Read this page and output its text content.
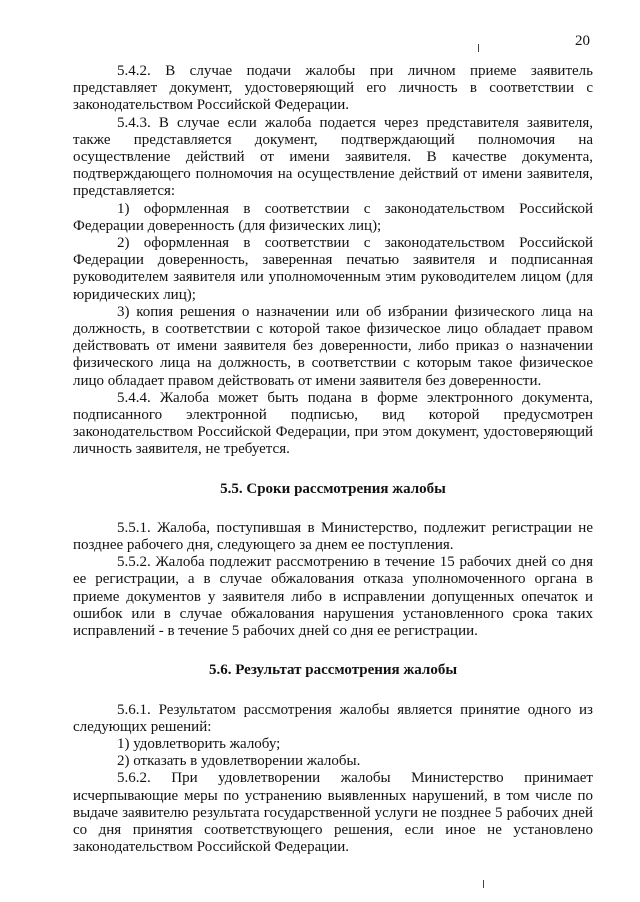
20

5.4.2. В случае подачи жалобы при личном приеме заявитель представляет документ, удостоверяющий его личность в соответствии с законодательством Российской Федерации.

5.4.3. В случае если жалоба подается через представителя заявителя, также представляется документ, подтверждающий полномочия на осуществление действий от имени заявителя. В качестве документа, подтверждающего полномочия на осуществление действий от имени заявителя, представляется:

1) оформленная в соответствии с законодательством Российской Федерации доверенность (для физических лиц);

2) оформленная в соответствии с законодательством Российской Федерации доверенность, заверенная печатью заявителя и подписанная руководителем заявителя или уполномоченным этим руководителем лицом (для юридических лиц);

3) копия решения о назначении или об избрании физического лица на должность, в соответствии с которой такое физическое лицо обладает правом действовать от имени заявителя без доверенности, либо приказ о назначении физического лица на должность, в соответствии с которым такое физическое лицо обладает правом действовать от имени заявителя без доверенности.

5.4.4. Жалоба может быть подана в форме электронного документа, подписанного электронной подписью, вид которой предусмотрен законодательством Российской Федерации, при этом документ, удостоверяющий личность заявителя, не требуется.

5.5. Сроки рассмотрения жалобы

5.5.1. Жалоба, поступившая в Министерство, подлежит регистрации не позднее рабочего дня, следующего за днем ее поступления.

5.5.2. Жалоба подлежит рассмотрению в течение 15 рабочих дней со дня ее регистрации, а в случае обжалования отказа уполномоченного органа в приеме документов у заявителя либо в исправлении допущенных опечаток и ошибок или в случае обжалования нарушения установленного срока таких исправлений - в течение 5 рабочих дней со дня ее регистрации.

5.6. Результат рассмотрения жалобы

5.6.1. Результатом рассмотрения жалобы является принятие одного из следующих решений:

1) удовлетворить жалобу;

2) отказать в удовлетворении жалобы.

5.6.2. При удовлетворении жалобы Министерство принимает исчерпывающие меры по устранению выявленных нарушений, в том числе по выдаче заявителю результата государственной услуги не позднее 5 рабочих дней со дня принятия соответствующего решения, если иное не установлено законодательством Российской Федерации.
